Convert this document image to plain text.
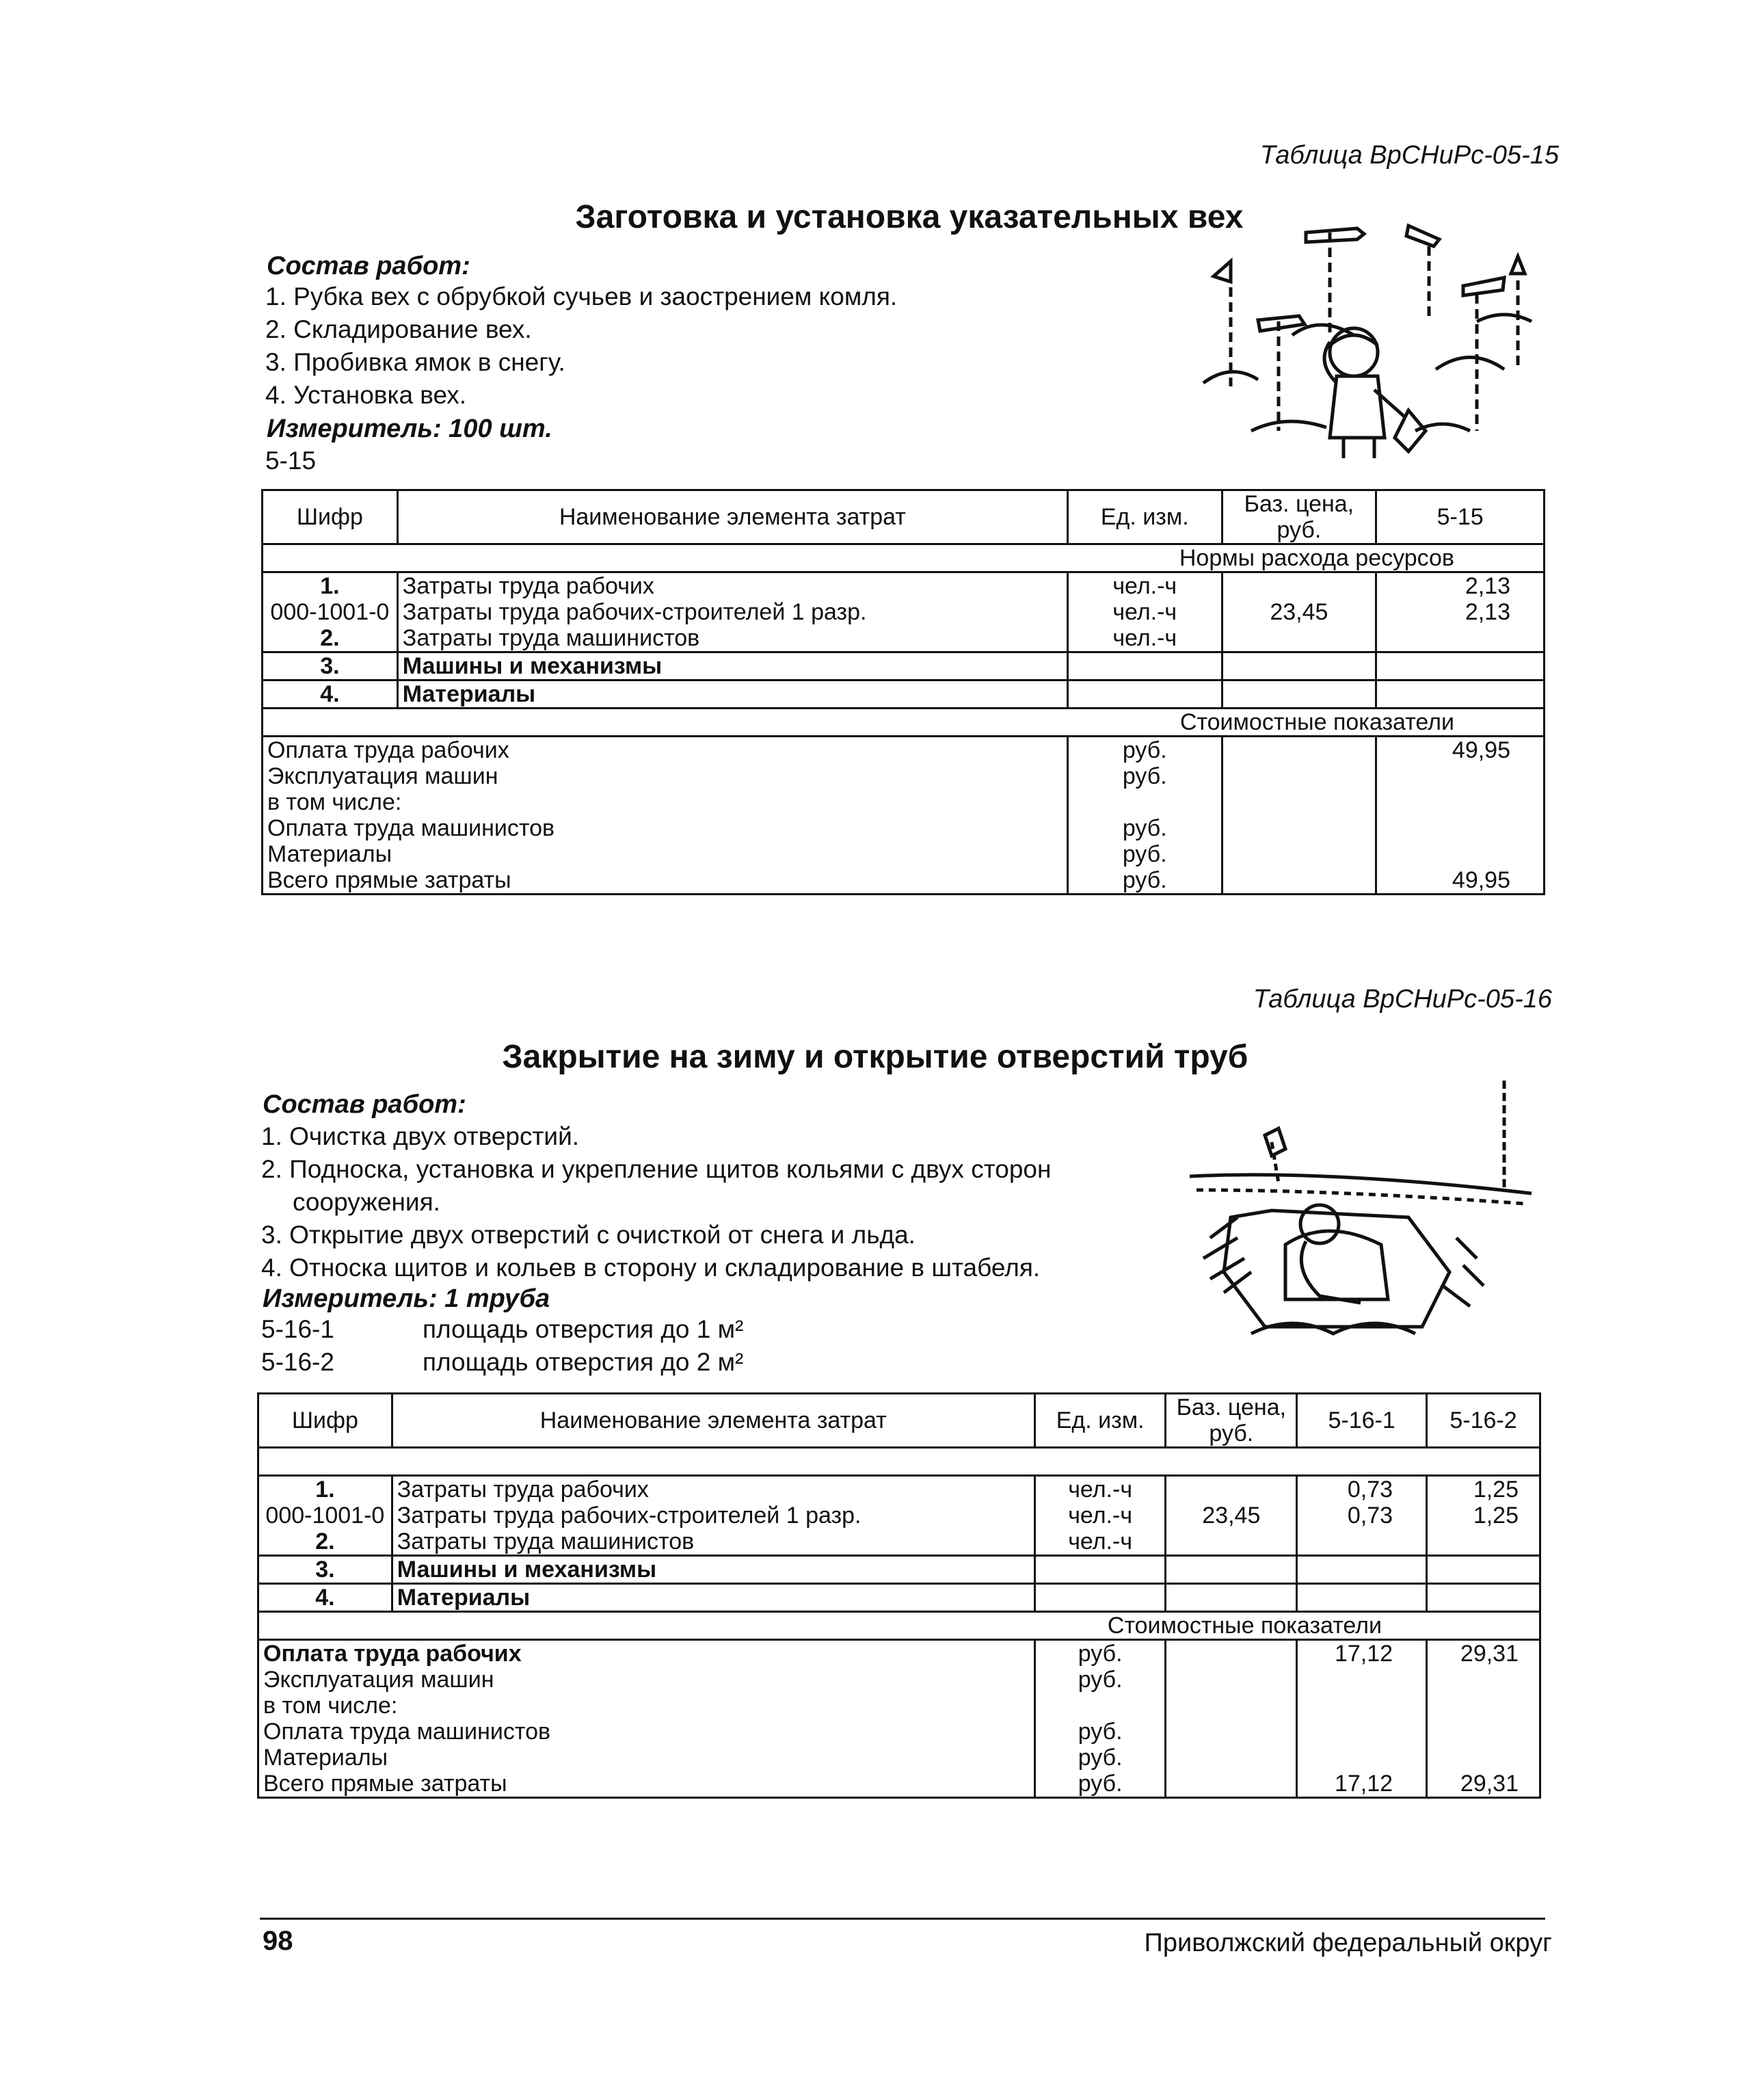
Таблица ВрСНиРс-05-15
Заготовка и установка указательных вех
Состав работ:
1. Рубка вех с обрубкой сучьев и заострением комля.
2. Складирование вех.
3. Пробивка ямок в снегу.
4. Установка вех.
Измеритель: 100 шт.
5-15
Шифр	Наименование элемента затрат	Ед. изм.	Баз. цена, руб.	5-15
Нормы расхода ресурсов				
1.	Затраты труда рабочих	чел.-ч		2,13
000-1001-0	Затраты труда рабочих-строителей 1 разр.	чел.-ч	23,45	2,13
2.	Затраты труда машинистов	чел.-ч		
3.	Машины и механизмы			
4.	Материалы			
Стоимостные показатели				
Оплата труда рабочих		руб.		49,95
Эксплуатация машин		руб.		
в том числе:				
Оплата труда машинистов		руб.		
Материалы		руб.		
Всего прямые затраты		руб.		49,95
Таблица ВрСНиРс-05-16
Закрытие на зиму и открытие отверстий труб
Состав работ:
1. Очистка двух отверстий.
2. Подноска, установка и укрепление щитов кольями с двух сторон
сооружения.
3. Открытие двух отверстий с очисткой от снега и льда.
4. Относка щитов и кольев в сторону и складирование в штабеля.
Измеритель: 1 труба
5-16-1	площадь отверстия до 1 м²
5-16-2	площадь отверстия до 2 м²
Шифр	Наименование элемента затрат	Ед. изм.	Баз. цена, руб.	5-16-1	5-16-2

1.	Затраты труда рабочих	чел.-ч		0,73	1,25
000-1001-0	Затраты труда рабочих-строителей 1 разр.	чел.-ч	23,45	0,73	1,25
2.	Затраты труда машинистов	чел.-ч			
3.	Машины и механизмы				
4.	Материалы				
Стоимостные показатели					
Оплата труда рабочих		руб.		17,12	29,31
Эксплуатация машин		руб.			
в том числе:					
Оплата труда машинистов		руб.			
Материалы		руб.			
Всего прямые затраты		руб.		17,12	29,31
98	Приволжский федеральный округ
